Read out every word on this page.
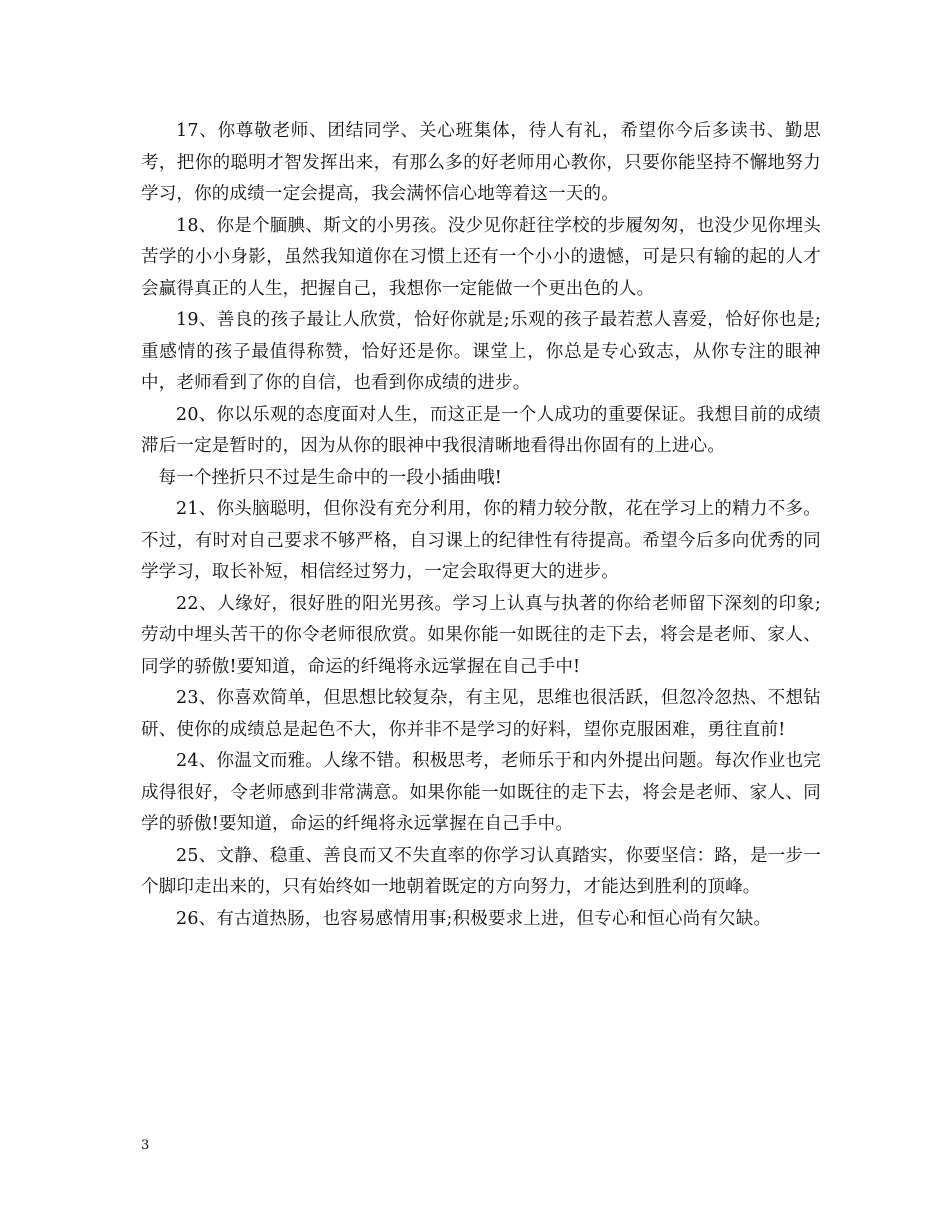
17、你尊敬老师、团结同学、关心班集体，待人有礼，希望你今后多读书、勤思考，把你的聪明才智发挥出来，有那么多的好老师用心教你，只要你能坚持不懈地努力学习，你的成绩一定会提高，我会满怀信心地等着这一天的。

18、你是个腼腆、斯文的小男孩。没少见你赶往学校的步履匆匆，也没少见你埋头苦学的小小身影，虽然我知道你在习惯上还有一个小小的遗憾，可是只有输的起的人才会赢得真正的人生，把握自己，我想你一定能做一个更出色的人。

19、善良的孩子最让人欣赏，恰好你就是;乐观的孩子最若惹人喜爱，恰好你也是;重感情的孩子最值得称赞，恰好还是你。课堂上，你总是专心致志，从你专注的眼神中，老师看到了你的自信，也看到你成绩的进步。

20、你以乐观的态度面对人生，而这正是一个人成功的重要保证。我想目前的成绩滞后一定是暂时的，因为从你的眼神中我很清晰地看得出你固有的上进心。

每一个挫折只不过是生命中的一段小插曲哦!

21、你头脑聪明，但你没有充分利用，你的精力较分散，花在学习上的精力不多。不过，有时对自己要求不够严格，自习课上的纪律性有待提高。希望今后多向优秀的同学学习，取长补短，相信经过努力，一定会取得更大的进步。

22、人缘好，很好胜的阳光男孩。学习上认真与执著的你给老师留下深刻的印象;劳动中埋头苦干的你令老师很欣赏。如果你能一如既往的走下去，将会是老师、家人、同学的骄傲!要知道，命运的纤绳将永远掌握在自己手中!

23、你喜欢简单，但思想比较复杂，有主见，思维也很活跃，但忽冷忽热、不想钻研、使你的成绩总是起色不大，你并非不是学习的好料，望你克服困难，勇往直前!

24、你温文而雅。人缘不错。积极思考，老师乐于和内外提出问题。每次作业也完成得很好，令老师感到非常满意。如果你能一如既往的走下去，将会是老师、家人、同学的骄傲!要知道，命运的纤绳将永远掌握在自己手中。

25、文静、稳重、善良而又不失直率的你学习认真踏实，你要坚信：路，是一步一个脚印走出来的，只有始终如一地朝着既定的方向努力，才能达到胜利的顶峰。

26、有古道热肠，也容易感情用事;积极要求上进，但专心和恒心尚有欠缺。

3
